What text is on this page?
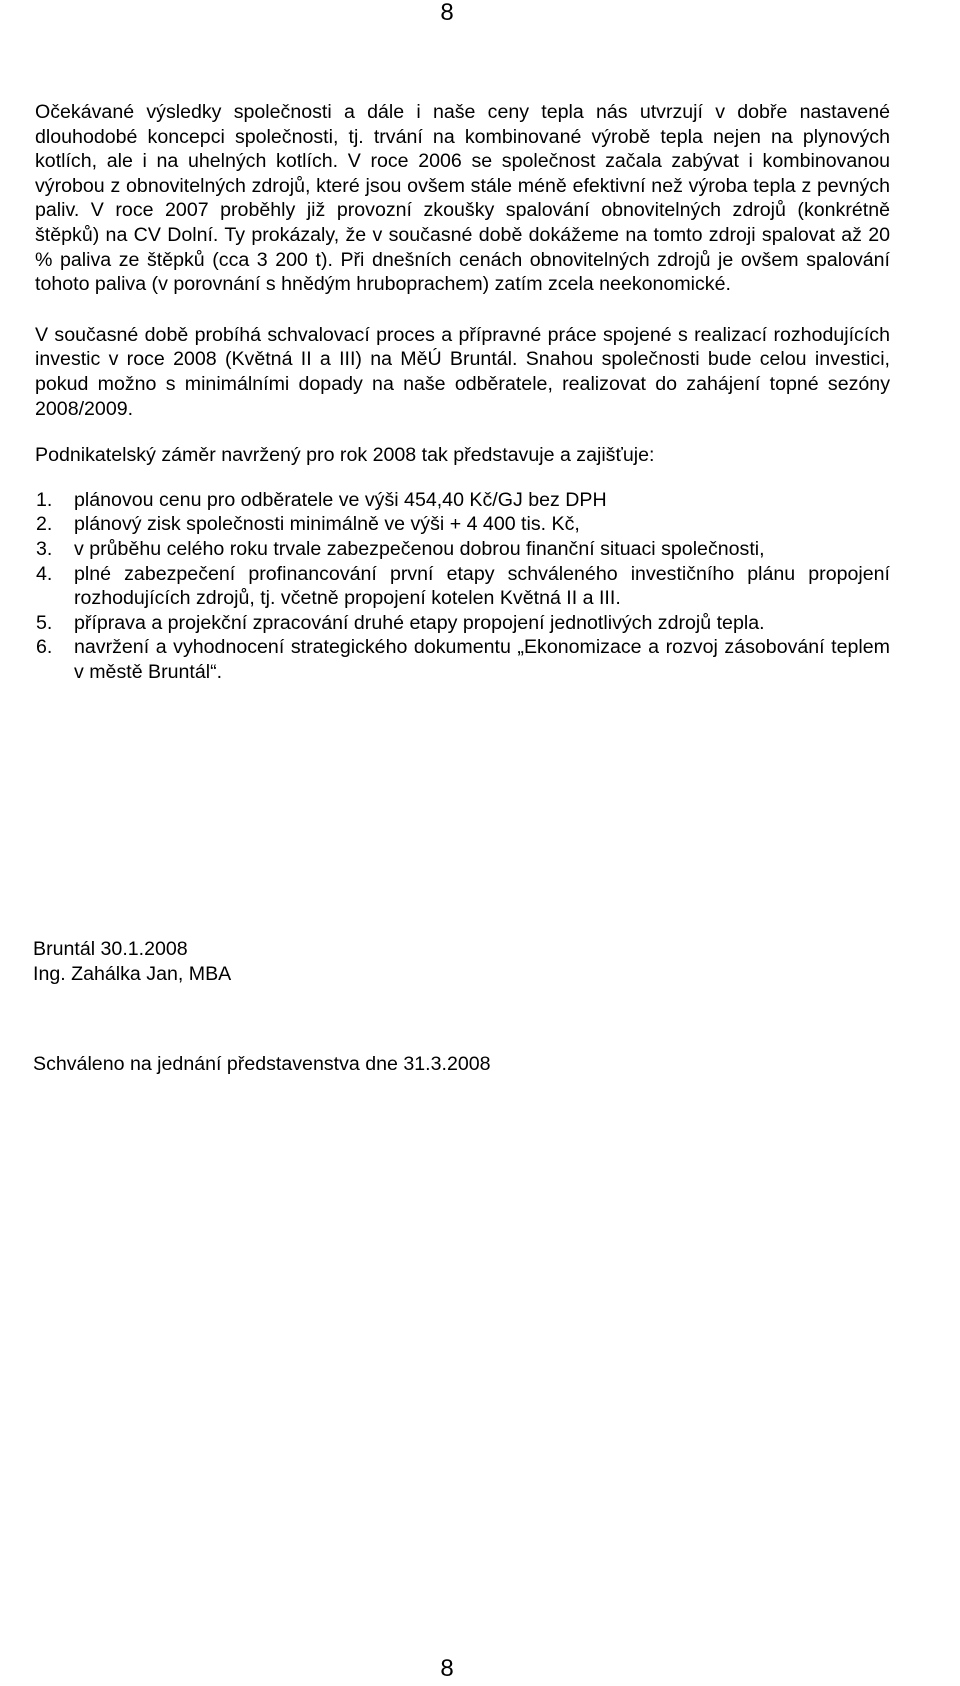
8

Očekávané výsledky společnosti a dále i naše ceny tepla nás utvrzují v dobře nastavené dlouhodobé koncepci společnosti, tj. trvání na kombinované výrobě tepla nejen na plynových kotlích, ale i na uhelných kotlích. V roce 2006 se společnost začala zabývat i kombinovanou výrobou z obnovitelných zdrojů, které jsou ovšem stále méně efektivní než výroba tepla z pevných paliv. V roce 2007 proběhly již provozní zkoušky spalování obnovitelných zdrojů (konkrétně štěpků) na CV Dolní. Ty prokázaly, že v současné době dokážeme na tomto zdroji spalovat až 20 % paliva ze štěpků (cca 3 200 t). Při dnešních cenách obnovitelných zdrojů je ovšem spalování tohoto paliva (v porovnání s hnědým hruboprachem) zatím zcela neekonomické.

V současné době probíhá schvalovací proces a přípravné práce spojené s realizací rozhodujících investic v roce 2008 (Květná II a III) na MěÚ Bruntál. Snahou společnosti bude celou investici, pokud možno s minimálními dopady na naše odběratele, realizovat do zahájení topné sezóny 2008/2009.

Podnikatelský záměr navržený pro rok 2008 tak představuje a zajišťuje:

1. plánovou cenu pro odběratele ve výši 454,40 Kč/GJ bez DPH
2. plánový zisk společnosti minimálně ve výši + 4 400 tis. Kč,
3. v průběhu celého roku trvale zabezpečenou dobrou finanční situaci společnosti,
4. plné zabezpečení profinancování první etapy schváleného investičního plánu propojení rozhodujících zdrojů, tj. včetně propojení kotelen Květná II a III.
5. příprava a projekční zpracování druhé etapy propojení jednotlivých zdrojů tepla.
6. navržení a vyhodnocení strategického dokumentu „Ekonomizace a rozvoj zásobování teplem v městě Bruntál“.
Bruntál 30.1.2008
Ing. Zahálka Jan, MBA
Schváleno na jednání představenstva dne 31.3.2008
8
